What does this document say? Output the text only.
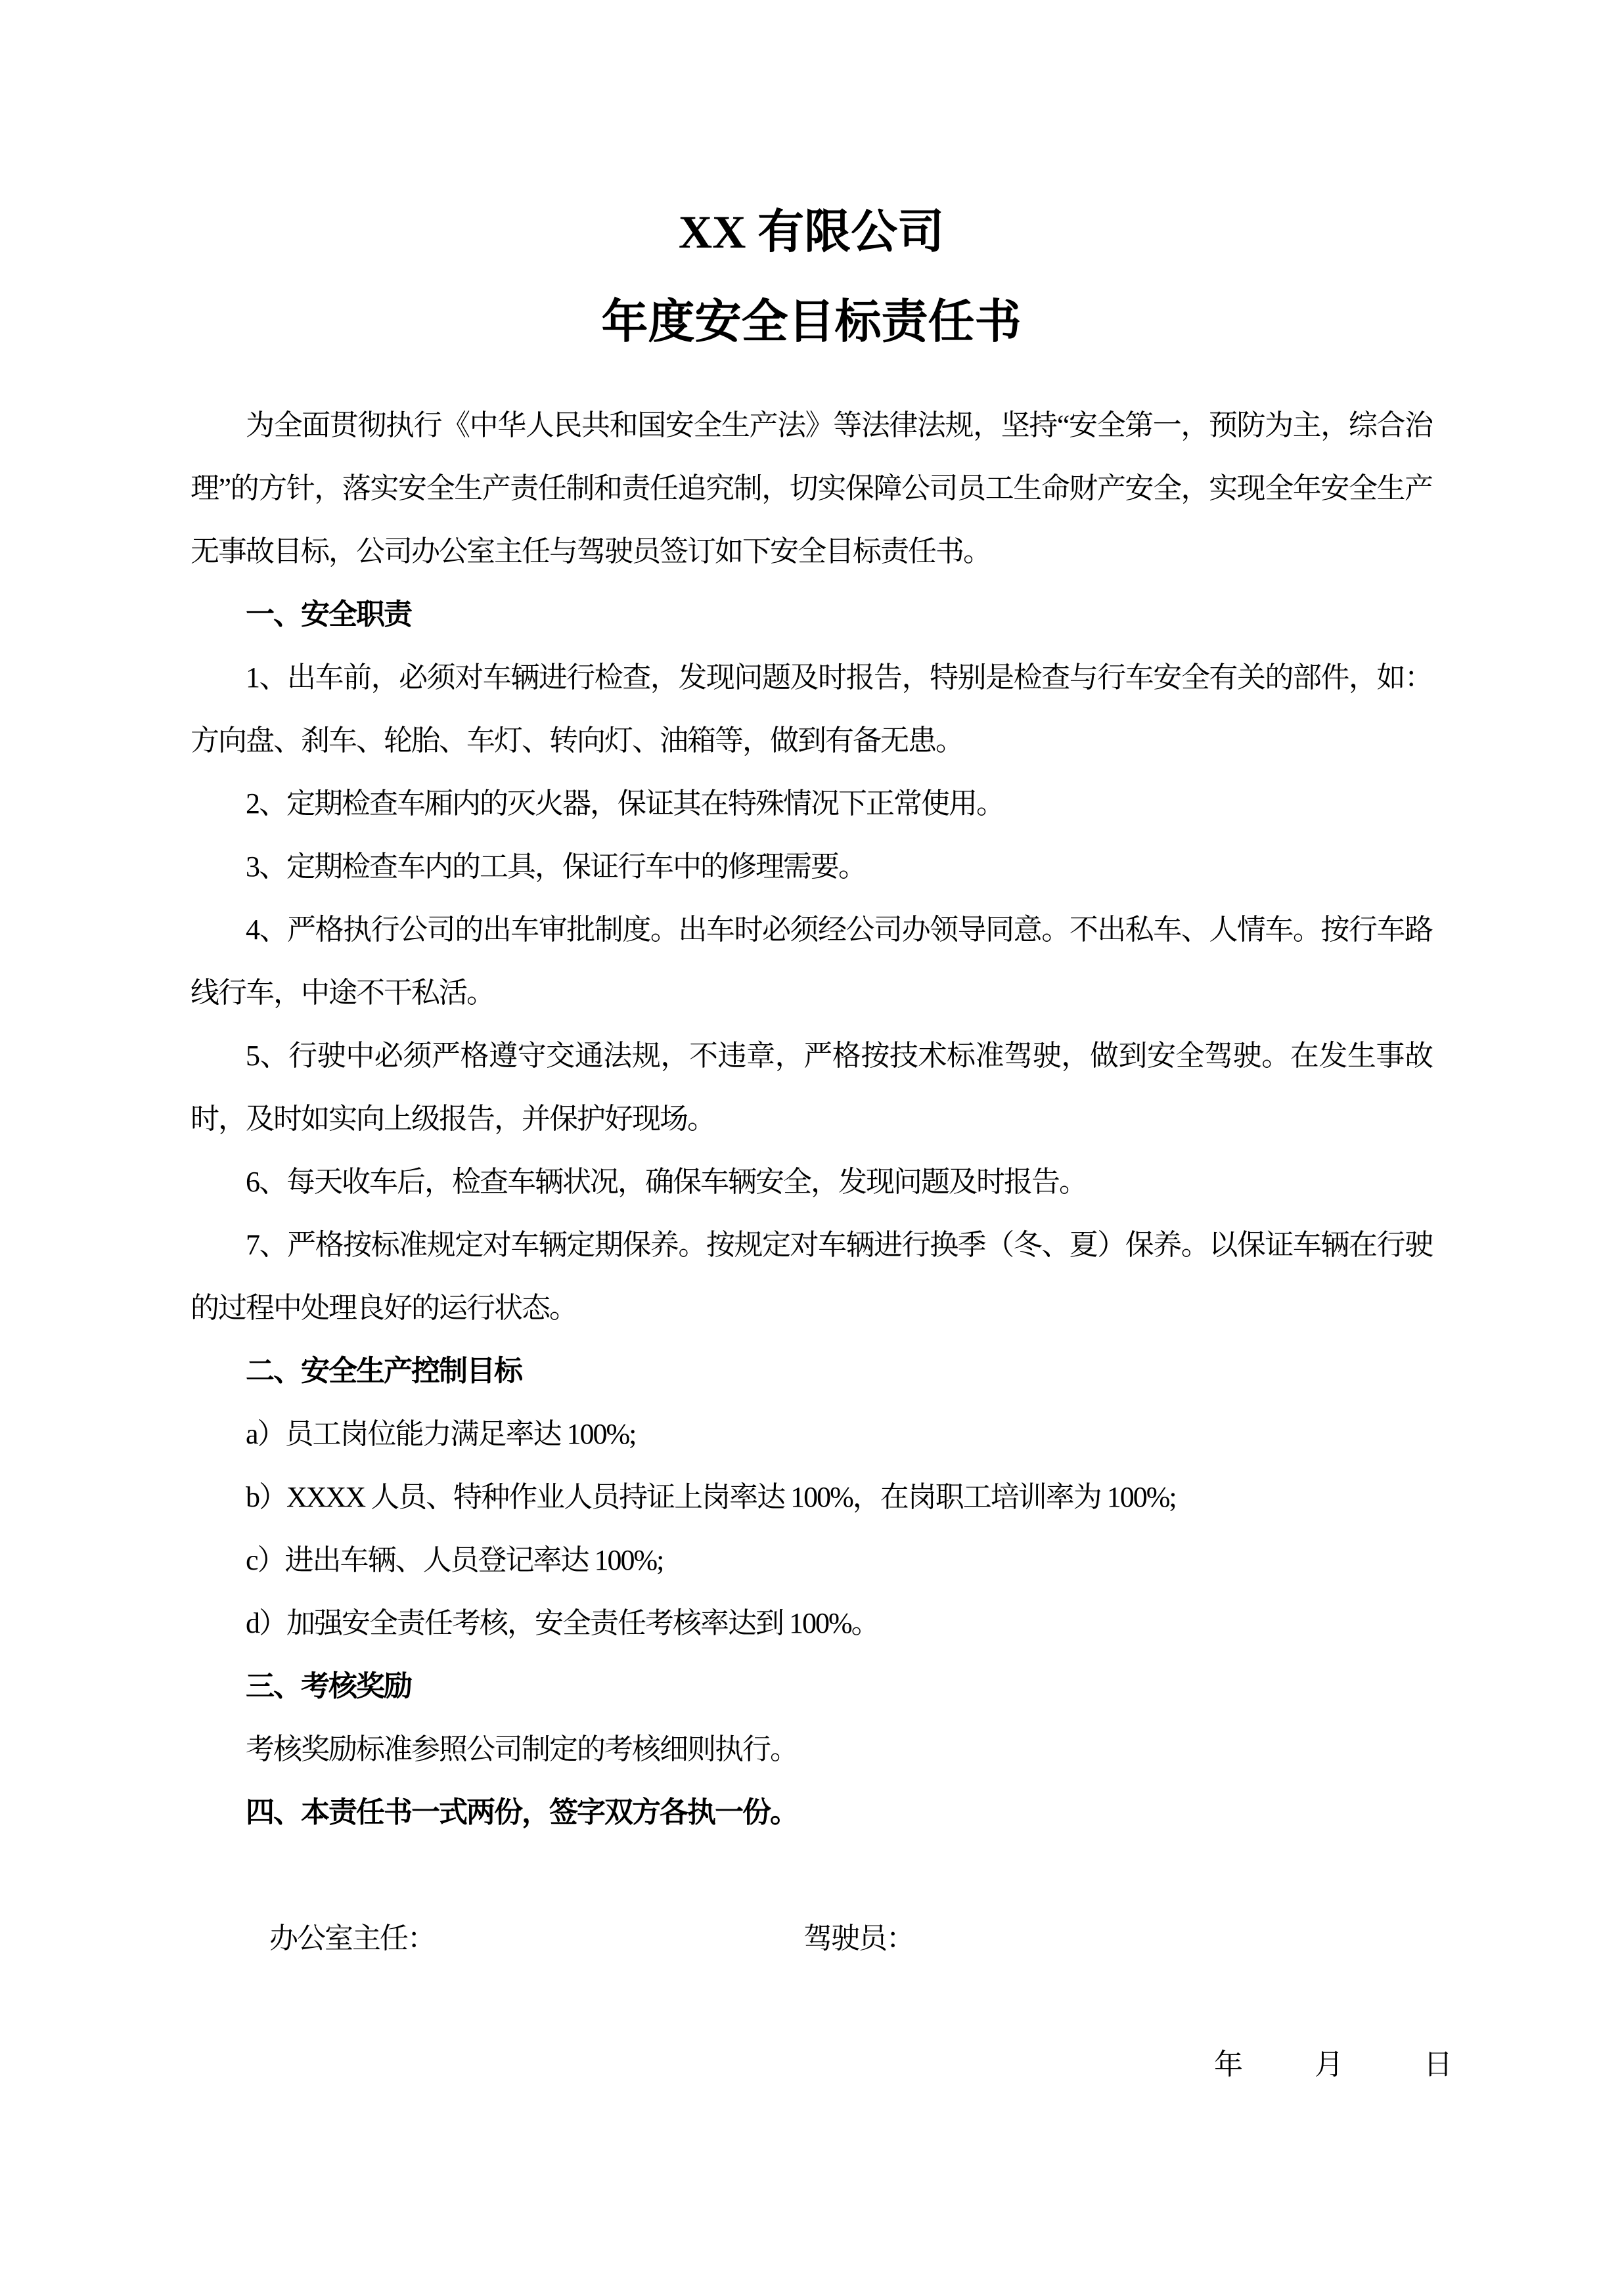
XX 有限公司
年度安全目标责任书

为全面贯彻执行《中华人民共和国安全生产法》等法律法规，坚持“安全第一，预防为主，综合治理”的方针，落实安全生产责任制和责任追究制，切实保障公司员工生命财产安全，实现全年安全生产无事故目标，公司办公室主任与驾驶员签订如下安全目标责任书。

一、安全职责

1、出车前，必须对车辆进行检查，发现问题及时报告，特别是检查与行车安全有关的部件，如：方向盘、刹车、轮胎、车灯、转向灯、油箱等，做到有备无患。

2、定期检查车厢内的灭火器，保证其在特殊情况下正常使用。

3、定期检查车内的工具，保证行车中的修理需要。

4、严格执行公司的出车审批制度。出车时必须经公司办领导同意。不出私车、人情车。按行车路线行车，中途不干私活。

5、行驶中必须严格遵守交通法规，不违章，严格按技术标准驾驶，做到安全驾驶。在发生事故时，及时如实向上级报告，并保护好现场。

6、每天收车后，检查车辆状况，确保车辆安全，发现问题及时报告。

7、严格按标准规定对车辆定期保养。按规定对车辆进行换季（冬、夏）保养。以保证车辆在行驶的过程中处理良好的运行状态。

二、安全生产控制目标

a）员工岗位能力满足率达 100%;

b）XXXX 人员、特种作业人员持证上岗率达 100%，在岗职工培训率为 100%;

c）进出车辆、人员登记率达 100%;

d）加强安全责任考核，安全责任考核率达到 100%。

三、考核奖励

考核奖励标准参照公司制定的考核细则执行。

四、本责任书一式两份，签字双方各执一份。

办公室主任：	驾驶员：
年	月	日
